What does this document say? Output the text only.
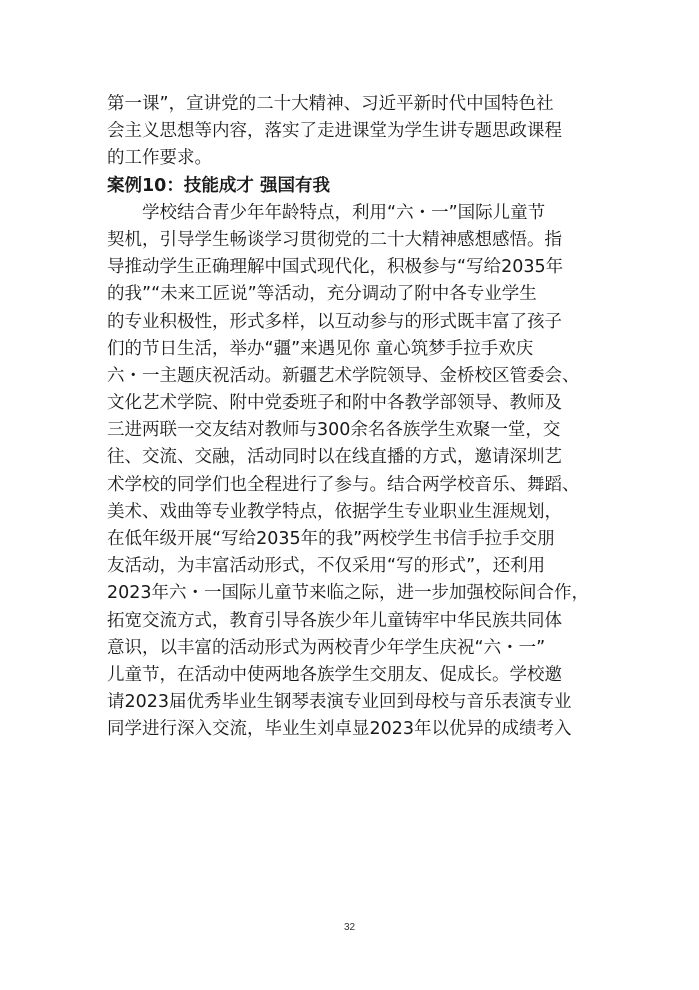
第一课”，宣讲党的二十大精神、习近平新时代中国特色社
会主义思想等内容，落实了走进课堂为学生讲专题思政课程
的工作要求。
案例10：技能成才 强国有我
　　学校结合青少年年龄特点，利用“六・一”国际儿童节
契机，引导学生畅谈学习贯彻党的二十大精神感想感悟。指
导推动学生正确理解中国式现代化，积极参与“写给2035年
的我”“未来工匠说”等活动，充分调动了附中各专业学生
的专业积极性，形式多样，以互动参与的形式既丰富了孩子
们的节日生活，举办“疆”来遇见你 童心筑梦手拉手欢庆
六・一主题庆祝活动。新疆艺术学院领导、金桥校区管委会、
文化艺术学院、附中党委班子和附中各教学部领导、教师及
三进两联一交友结对教师与300余名各族学生欢聚一堂，交
往、交流、交融，活动同时以在线直播的方式，邀请深圳艺
术学校的同学们也全程进行了参与。结合两学校音乐、舞蹈、
美术、戏曲等专业教学特点，依据学生专业职业生涯规划，
在低年级开展“写给2035年的我”两校学生书信手拉手交朋
友活动，为丰富活动形式，不仅采用“写的形式”，还利用
2023年六・一国际儿童节来临之际，进一步加强校际间合作，
拓宽交流方式，教育引导各族少年儿童铸牢中华民族共同体
意识，以丰富的活动形式为两校青少年学生庆祝“六・一”
儿童节，在活动中使两地各族学生交朋友、促成长。学校邀
请2023届优秀毕业生钢琴表演专业回到母校与音乐表演专业
同学进行深入交流，毕业生刘卓显2023年以优异的成绩考入
32
